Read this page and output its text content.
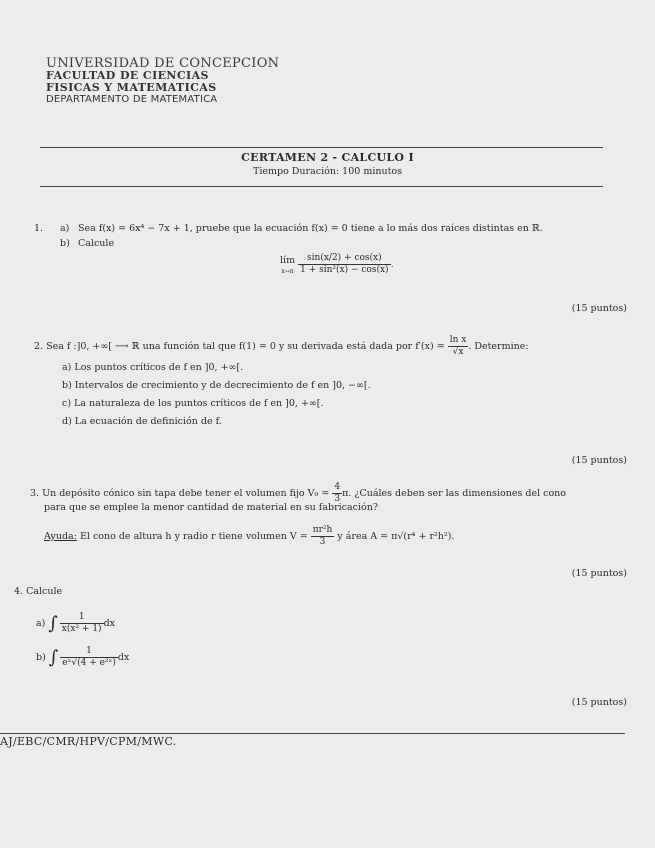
UNIVERSIDAD DE CONCEPCION
FACULTAD DE CIENCIAS
FISICAS Y MATEMATICAS
DEPARTAMENTO DE MATEMATICA
CERTAMEN 2 - CALCULO I
Tiempo Duración: 100 minutos
1. a) Sea f(x) = 6x⁴ − 7x + 1, pruebe que la ecuación f(x) = 0 tiene a lo más dos raíces distintas en ℝ.
b) Calcule
lím
x→π
$\frac{\sin(x/2) + \cos(x)}{\text{1 + sin²(x) − cos(x)}}$ .
(15 puntos)
2. Sea f :]0, +∞[ ⟶ ℝ una función tal que f(1) = 0 y su derivada está dada por $f'(x) = \frac{\text{ln x}}{√x}$ . Determine:
a) Los puntos críticos de f en ]0, +∞[.
b) Intervalos de crecimiento y de decrecimiento de f en ]0, −∞[.
c) La naturaleza de los puntos críticos de f en ]0, +∞[.
d) La ecuación de definición de f.
(15 puntos)
3. Un depósito cónico sin tapa debe tener el volumen fijo $V_0 = \frac{4}{3} \pi$. ¿Cuáles deben ser las dimensiones del cono
para que se emplee la menor cantidad de material en su fabricación?
Ayuda: El cono de altura h y radio r tiene volumen $V = \frac{\text{πr²h}}{3}$ y área A = π√(r⁴ + r²h²).
(15 puntos)
4. Calcule
a) ∫ $\frac{1}{\text{x(x² + 1)}}$ dx
b) ∫ $\frac{1}{\text{eˣ√(4 + e²ˣ)}}$ dx
(15 puntos)
AJ/EBC/CMR/HPV/CPM/MWC.
